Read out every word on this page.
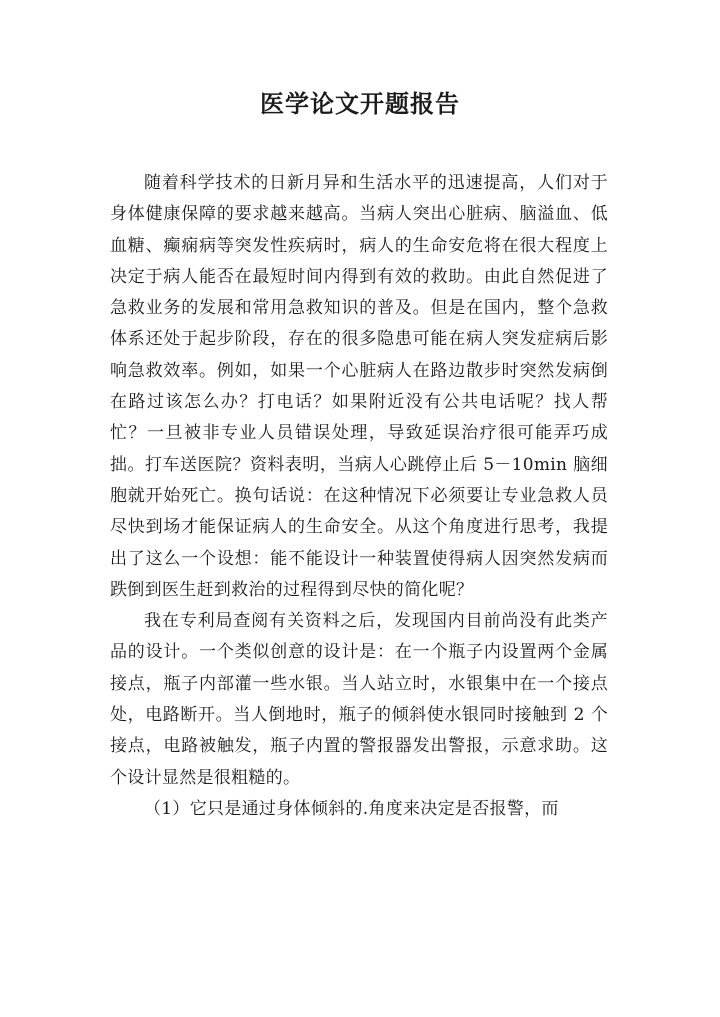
医学论文开题报告

随着科学技术的日新月异和生活水平的迅速提高，人们对于身体健康保障的要求越来越高。当病人突出心脏病、脑溢血、低血糖、癫痫病等突发性疾病时，病人的生命安危将在很大程度上决定于病人能否在最短时间内得到有效的救助。由此自然促进了急救业务的发展和常用急救知识的普及。但是在国内，整个急救体系还处于起步阶段，存在的很多隐患可能在病人突发症病后影响急救效率。例如，如果一个心脏病人在路边散步时突然发病倒在路过该怎么办？打电话？如果附近没有公共电话呢？找人帮忙？一旦被非专业人员错误处理，导致延误治疗很可能弄巧成拙。打车送医院？资料表明，当病人心跳停止后 5－10min 脑细胞就开始死亡。换句话说：在这种情况下必须要让专业急救人员尽快到场才能保证病人的生命安全。从这个角度进行思考，我提出了这么一个设想：能不能设计一种装置使得病人因突然发病而跌倒到医生赶到救治的过程得到尽快的简化呢？

我在专利局查阅有关资料之后，发现国内目前尚没有此类产品的设计。一个类似创意的设计是：在一个瓶子内设置两个金属接点，瓶子内部灌一些水银。当人站立时，水银集中在一个接点处，电路断开。当人倒地时，瓶子的倾斜使水银同时接触到 2 个接点，电路被触发，瓶子内置的警报器发出警报，示意求助。这个设计显然是很粗糙的。

（1）它只是通过身体倾斜的.角度来决定是否报警，而
